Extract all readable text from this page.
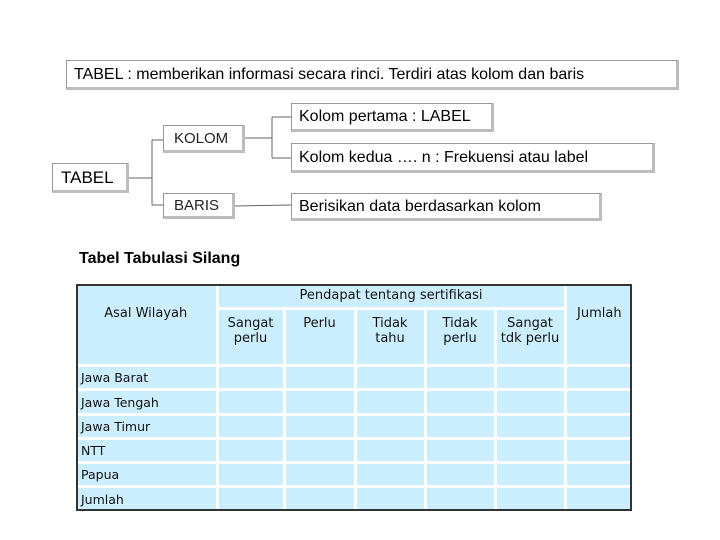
TABEL : memberikan informasi secara rinci. Terdiri atas kolom dan baris
TABEL
KOLOM
BARIS
Kolom pertama : LABEL
Kolom kedua …. n : Frekuensi atau label
Berisikan data berdasarkan kolom
Tabel Tabulasi Silang
Asal Wilayah	Pendapat tentang sertifikasi					Jumlah
	Sangat perlu	Perlu	Tidak tahu	Tidak perlu	Sangat tdk perlu	
Jawa Barat						
Jawa Tengah						
Jawa Timur						
NTT						
Papua						
Jumlah						
